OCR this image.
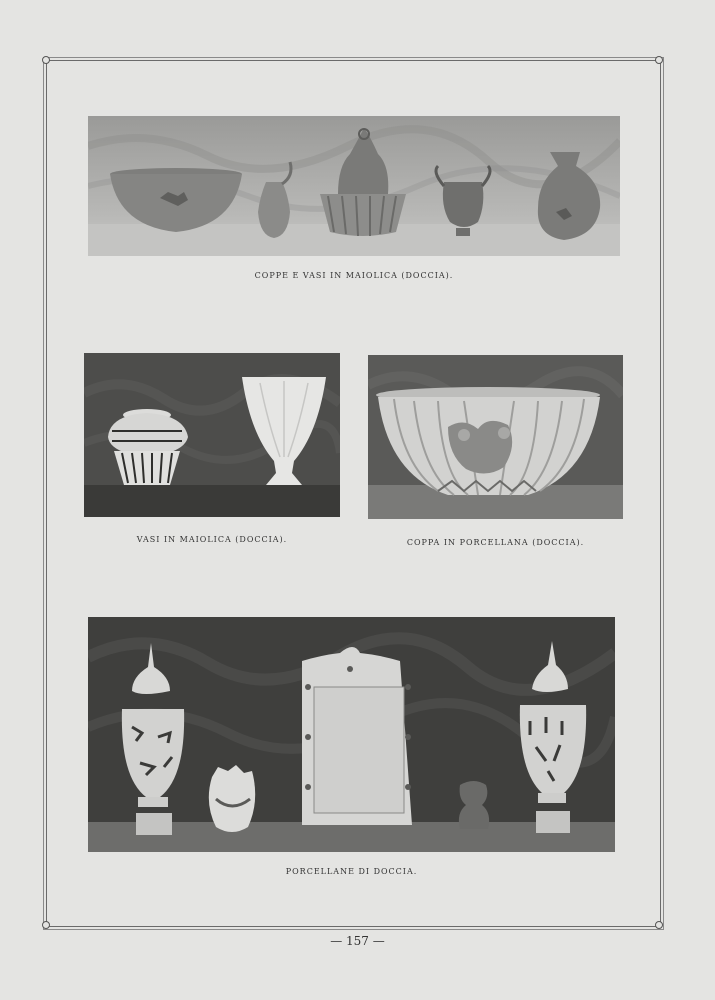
COPPE E VASI IN MAIOLICA (DOCCIA).
VASI IN MAIOLICA (DOCCIA).	COPPA IN PORCELLANA (DOCCIA).
PORCELLANE DI DOCCIA.
— 157 —
